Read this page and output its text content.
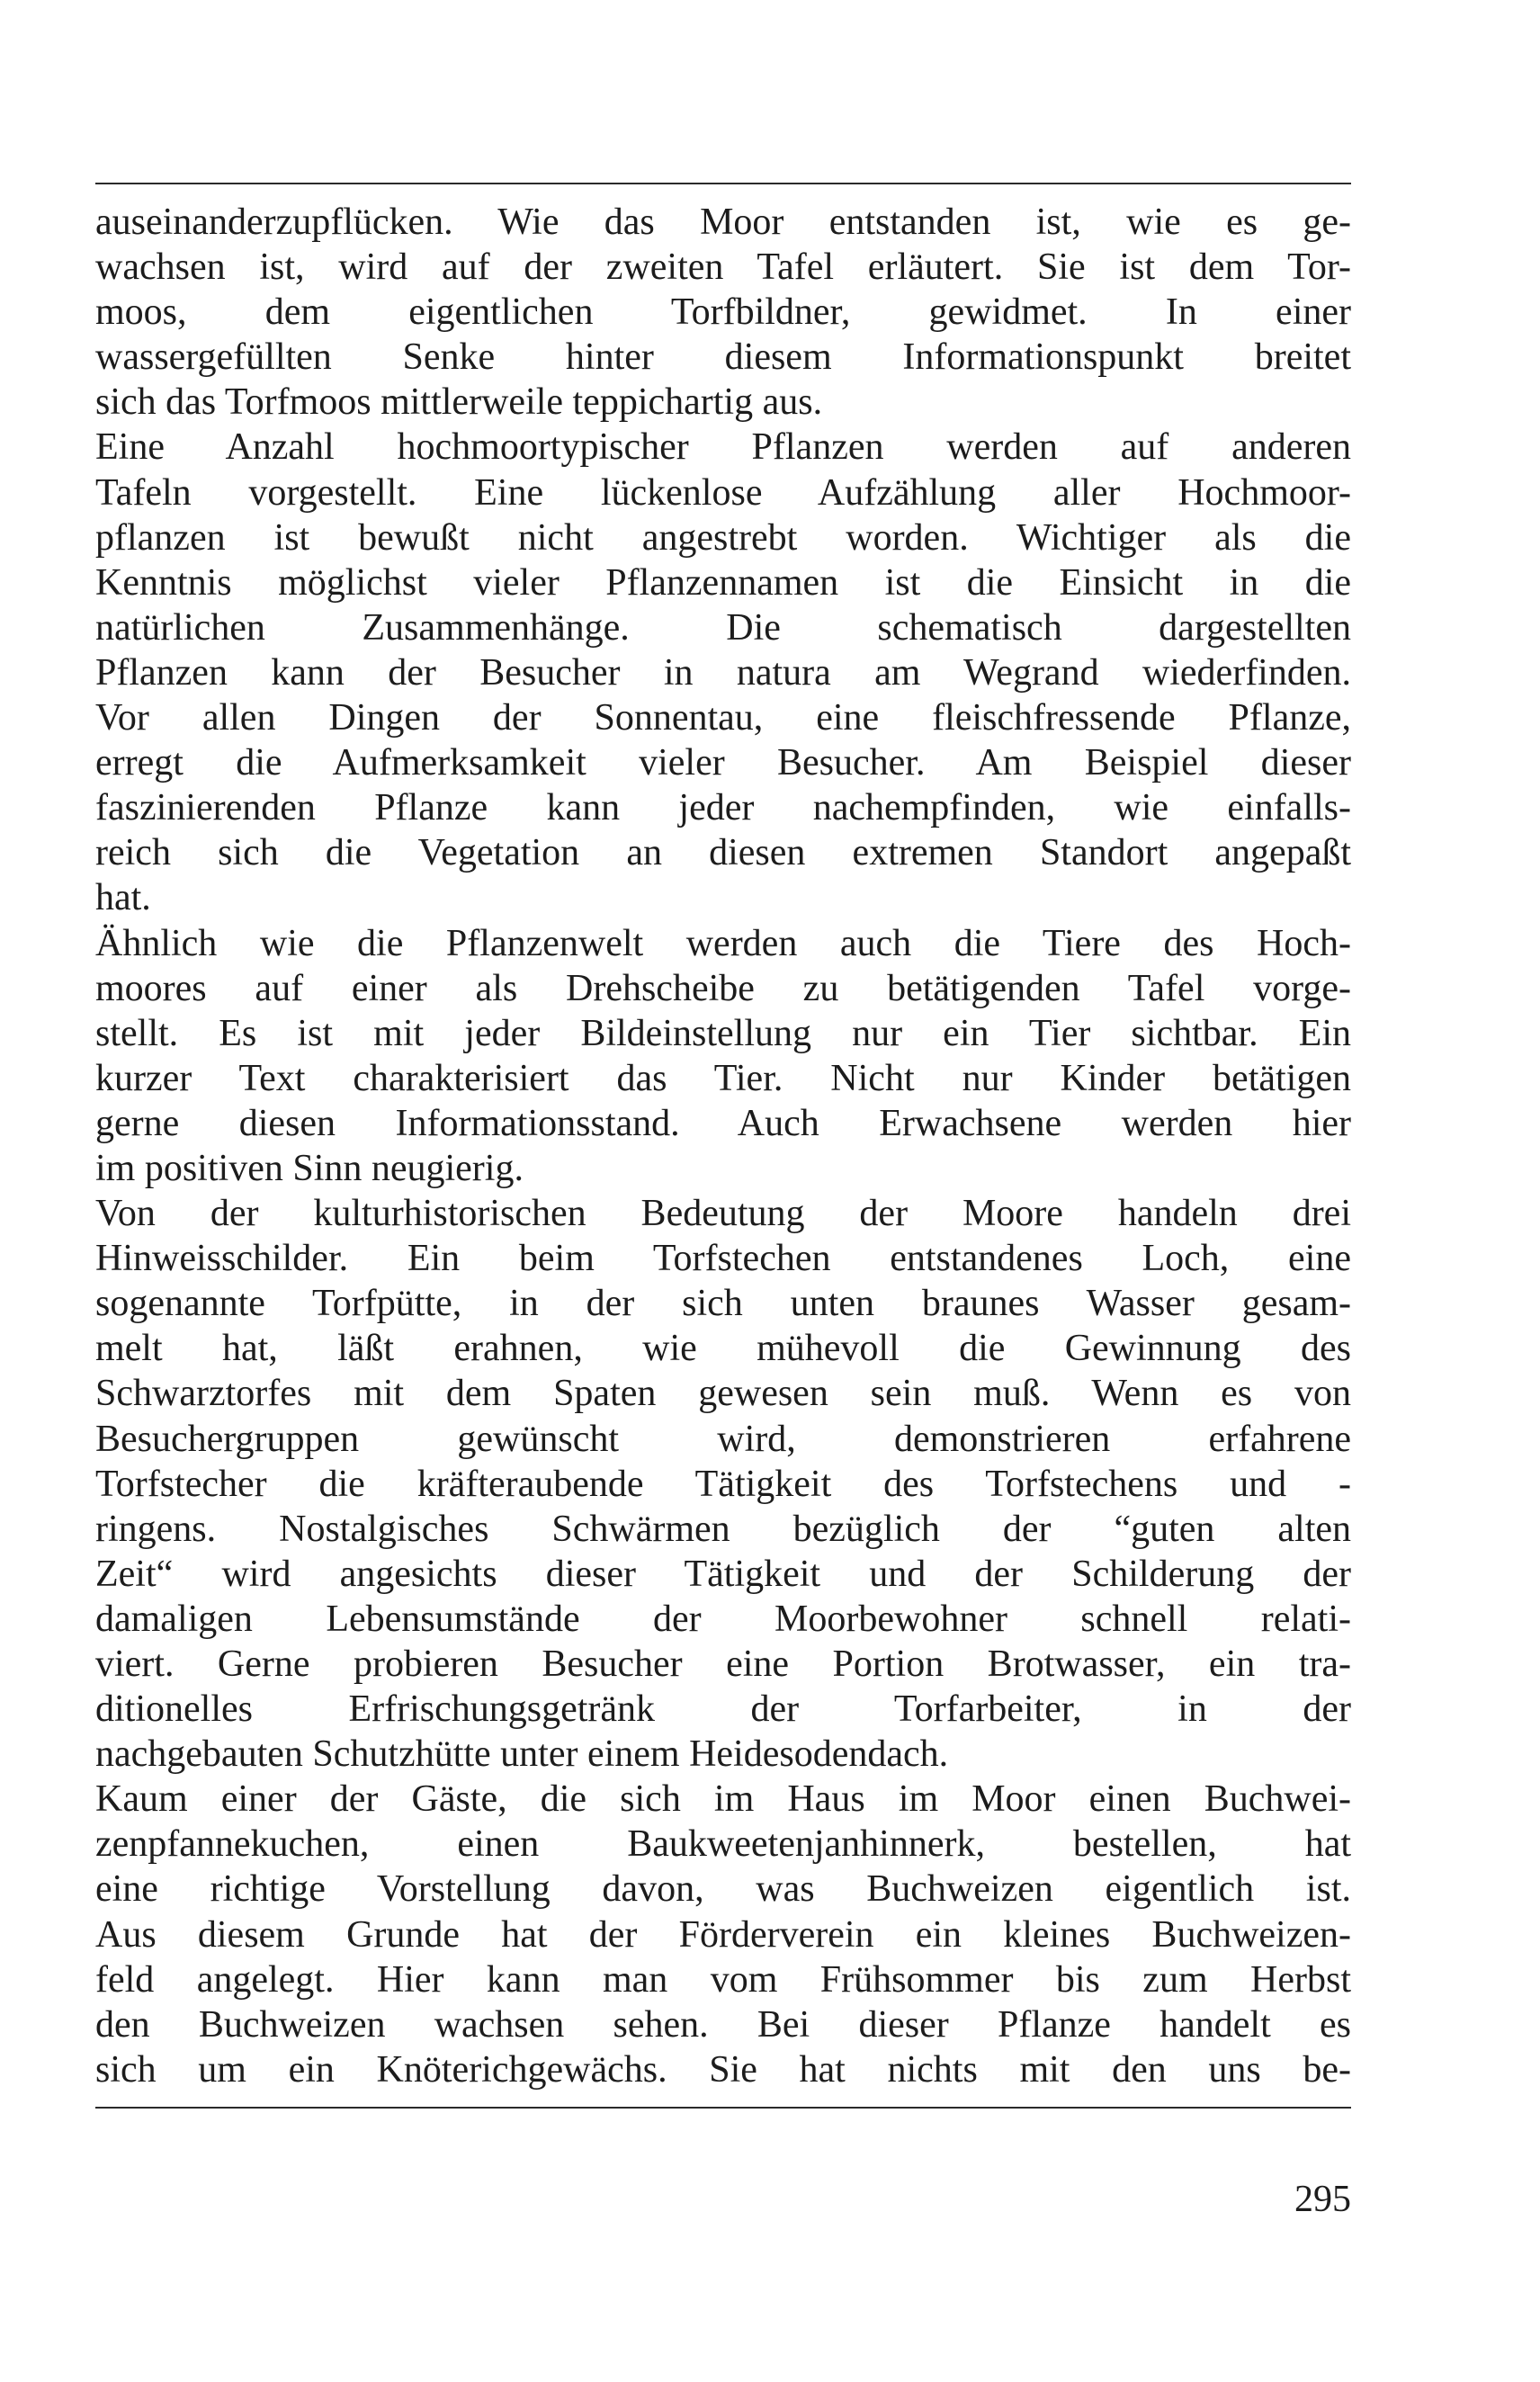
auseinanderzupflücken. Wie das Moor entstanden ist, wie es ge-
wachsen ist, wird auf der zweiten Tafel erläutert. Sie ist dem Tor-
moos, dem eigentlichen Torfbildner, gewidmet. In einer
wassergefüllten Senke hinter diesem Informationspunkt breitet
sich das Torfmoos mittlerweile teppichartig aus.
Eine Anzahl hochmoortypischer Pflanzen werden auf anderen
Tafeln vorgestellt. Eine lückenlose Aufzählung aller Hochmoor-
pflanzen ist bewußt nicht angestrebt worden. Wichtiger als die
Kenntnis möglichst vieler Pflanzennamen ist die Einsicht in die
natürlichen Zusammenhänge. Die schematisch dargestellten
Pflanzen kann der Besucher in natura am Wegrand wiederfinden.
Vor allen Dingen der Sonnentau, eine fleischfressende Pflanze,
erregt die Aufmerksamkeit vieler Besucher. Am Beispiel dieser
faszinierenden Pflanze kann jeder nachempfinden, wie einfalls-
reich sich die Vegetation an diesen extremen Standort angepaßt
hat.
Ähnlich wie die Pflanzenwelt werden auch die Tiere des Hoch-
moores auf einer als Drehscheibe zu betätigenden Tafel vorge-
stellt. Es ist mit jeder Bildeinstellung nur ein Tier sichtbar. Ein
kurzer Text charakterisiert das Tier. Nicht nur Kinder betätigen
gerne diesen Informationsstand. Auch Erwachsene werden hier
im positiven Sinn neugierig.
Von der kulturhistorischen Bedeutung der Moore handeln drei
Hinweisschilder. Ein beim Torfstechen entstandenes Loch, eine
sogenannte Torfpütte, in der sich unten braunes Wasser gesam-
melt hat, läßt erahnen, wie mühevoll die Gewinnung des
Schwarztorfes mit dem Spaten gewesen sein muß. Wenn es von
Besuchergruppen gewünscht wird, demonstrieren erfahrene
Torfstecher die kräfteraubende Tätigkeit des Torfstechens und -
ringens. Nostalgisches Schwärmen bezüglich der “guten alten
Zeit“ wird angesichts dieser Tätigkeit und der Schilderung der
damaligen Lebensumstände der Moorbewohner schnell relati-
viert. Gerne probieren Besucher eine Portion Brotwasser, ein tra-
ditionelles Erfrischungsgetränk der Torfarbeiter, in der
nachgebauten Schutzhütte unter einem Heidesodendach.
Kaum einer der Gäste, die sich im Haus im Moor einen Buchwei-
zenpfannekuchen, einen Baukweetenjanhinnerk, bestellen, hat
eine richtige Vorstellung davon, was Buchweizen eigentlich ist.
Aus diesem Grunde hat der Förderverein ein kleines Buchweizen-
feld angelegt. Hier kann man vom Frühsommer bis zum Herbst
den Buchweizen wachsen sehen. Bei dieser Pflanze handelt es
sich um ein Knöterichgewächs. Sie hat nichts mit den uns be-
295
